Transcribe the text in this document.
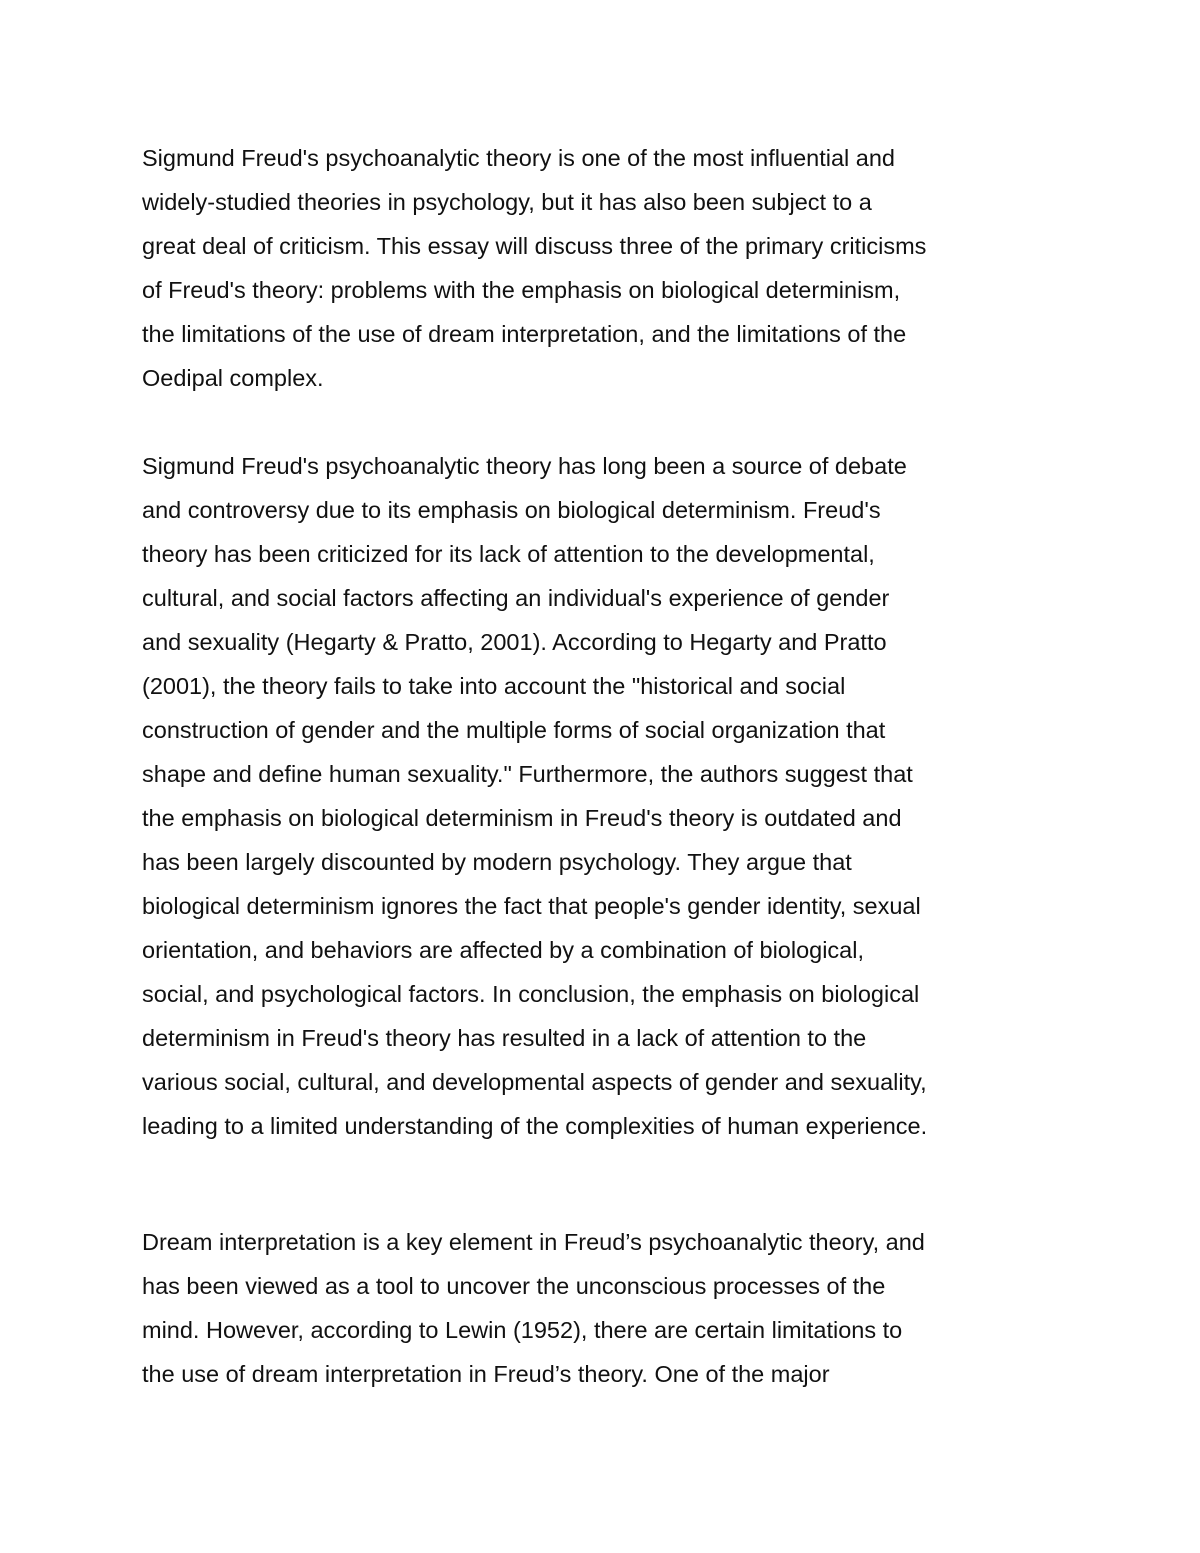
Sigmund Freud's psychoanalytic theory is one of the most influential and
widely-studied theories in psychology, but it has also been subject to a
great deal of criticism. This essay will discuss three of the primary criticisms
of Freud's theory: problems with the emphasis on biological determinism,
the limitations of the use of dream interpretation, and the limitations of the
Oedipal complex.
Sigmund Freud's psychoanalytic theory has long been a source of debate
and controversy due to its emphasis on biological determinism. Freud's
theory has been criticized for its lack of attention to the developmental,
cultural, and social factors affecting an individual's experience of gender
and sexuality (Hegarty & Pratto, 2001). According to Hegarty and Pratto
(2001), the theory fails to take into account the "historical and social
construction of gender and the multiple forms of social organization that
shape and define human sexuality." Furthermore, the authors suggest that
the emphasis on biological determinism in Freud's theory is outdated and
has been largely discounted by modern psychology. They argue that
biological determinism ignores the fact that people's gender identity, sexual
orientation, and behaviors are affected by a combination of biological,
social, and psychological factors. In conclusion, the emphasis on biological
determinism in Freud's theory has resulted in a lack of attention to the
various social, cultural, and developmental aspects of gender and sexuality,
leading to a limited understanding of the complexities of human experience.
Dream interpretation is a key element in Freud’s psychoanalytic theory, and
has been viewed as a tool to uncover the unconscious processes of the
mind. However, according to Lewin (1952), there are certain limitations to
the use of dream interpretation in Freud’s theory. One of the major
